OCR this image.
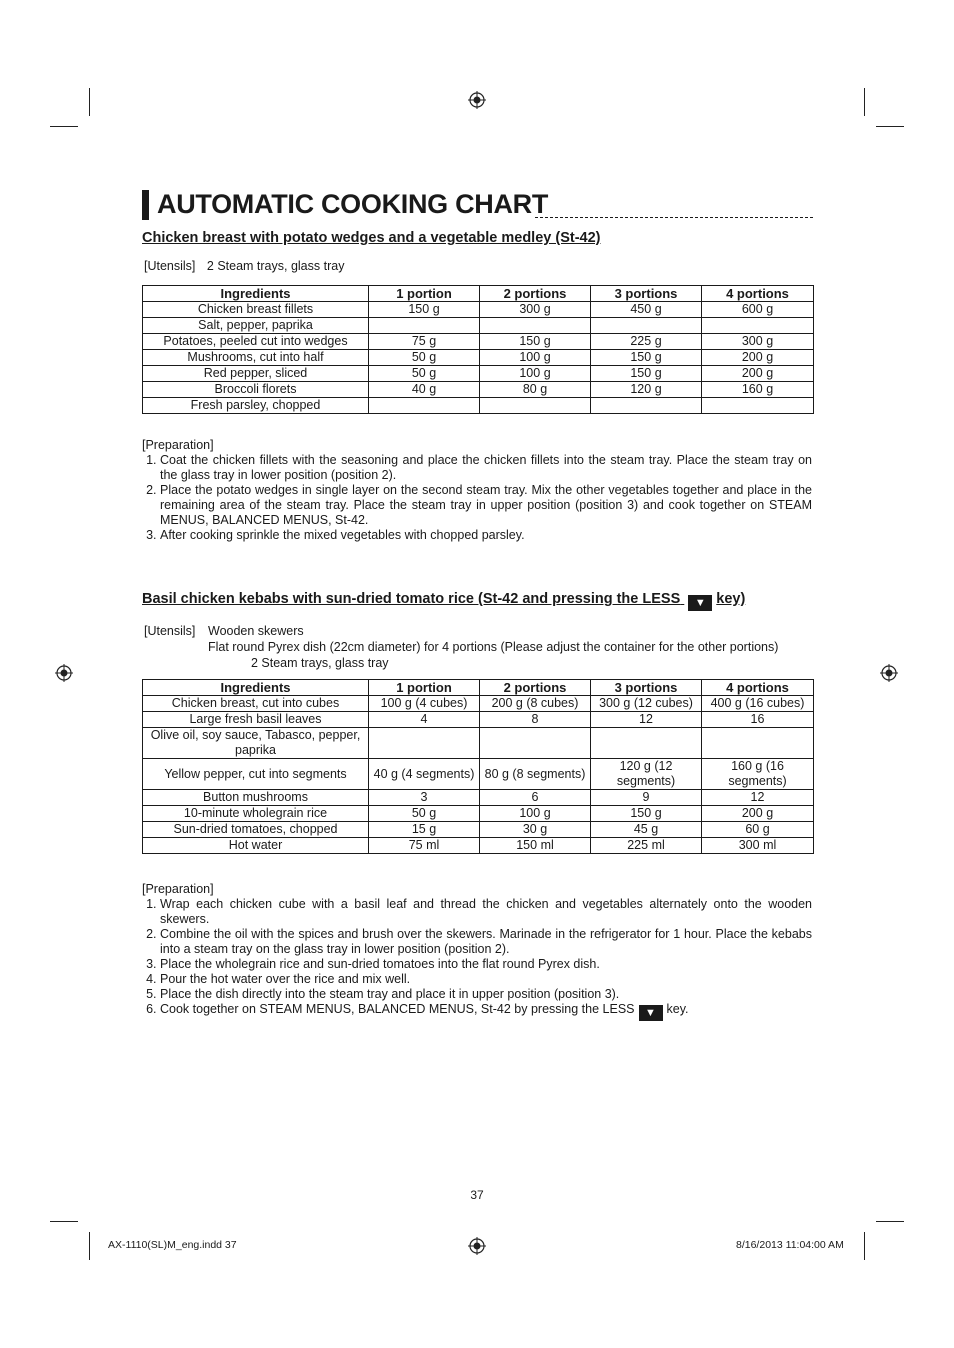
AUTOMATIC COOKING CHART
Chicken breast with potato wedges and a vegetable medley (St-42)
[Utensils] 2 Steam trays, glass tray
Ingredients	1 portion	2 portions	3 portions	4 portions
Chicken breast fillets	150 g	300 g	450 g	600 g
Salt, pepper, paprika				
Potatoes, peeled cut into wedges	75 g	150 g	225 g	300 g
Mushrooms, cut into half	50 g	100 g	150 g	200 g
Red pepper, sliced	50 g	100 g	150 g	200 g
Broccoli florets	40 g	80 g	120 g	160 g
Fresh parsley, chopped				
[Preparation]
1. Coat the chicken fillets with the seasoning and place the chicken fillets into the steam tray. Place the steam tray on the glass tray in lower position (position 2).
2. Place the potato wedges in single layer on the second steam tray. Mix the other vegetables together and place in the remaining area of the steam tray. Place the steam tray in upper position (position 3) and cook together on STEAM MENUS, BALANCED MENUS, St-42.
3. After cooking sprinkle the mixed vegetables with chopped parsley.
Basil chicken kebabs with sun-dried tomato rice (St-42 and pressing the LESS ▼ key)
[Utensils] Wooden skewers
Flat round Pyrex dish (22cm diameter) for 4 portions (Please adjust the container for the other portions)
2 Steam trays, glass tray
Ingredients	1 portion	2 portions	3 portions	4 portions
Chicken breast, cut into cubes	100 g (4 cubes)	200 g (8 cubes)	300 g (12 cubes)	400 g (16 cubes)
Large fresh basil leaves	4	8	12	16
Olive oil, soy sauce, Tabasco, pepper, paprika				
Yellow pepper, cut into segments	40 g (4 segments)	80 g (8 segments)	120 g (12 segments)	160 g (16 segments)
Button mushrooms	3	6	9	12
10-minute wholegrain rice	50 g	100 g	150 g	200 g
Sun-dried tomatoes, chopped	15 g	30 g	45 g	60 g
Hot water	75 ml	150 ml	225 ml	300 ml
[Preparation]
1. Wrap each chicken cube with a basil leaf and thread the chicken and vegetables alternately onto the wooden skewers.
2. Combine the oil with the spices and brush over the skewers. Marinade in the refrigerator for 1 hour. Place the kebabs into a steam tray on the glass tray in lower position (position 2).
3. Place the wholegrain rice and sun-dried tomatoes into the flat round Pyrex dish.
4. Pour the hot water over the rice and mix well.
5. Place the dish directly into the steam tray and place it in upper position (position 3).
6. Cook together on STEAM MENUS, BALANCED MENUS, St-42 by pressing the LESS ▼ key.
37
AX-1110(SL)M_eng.indd 37	8/16/2013 11:04:00 AM
